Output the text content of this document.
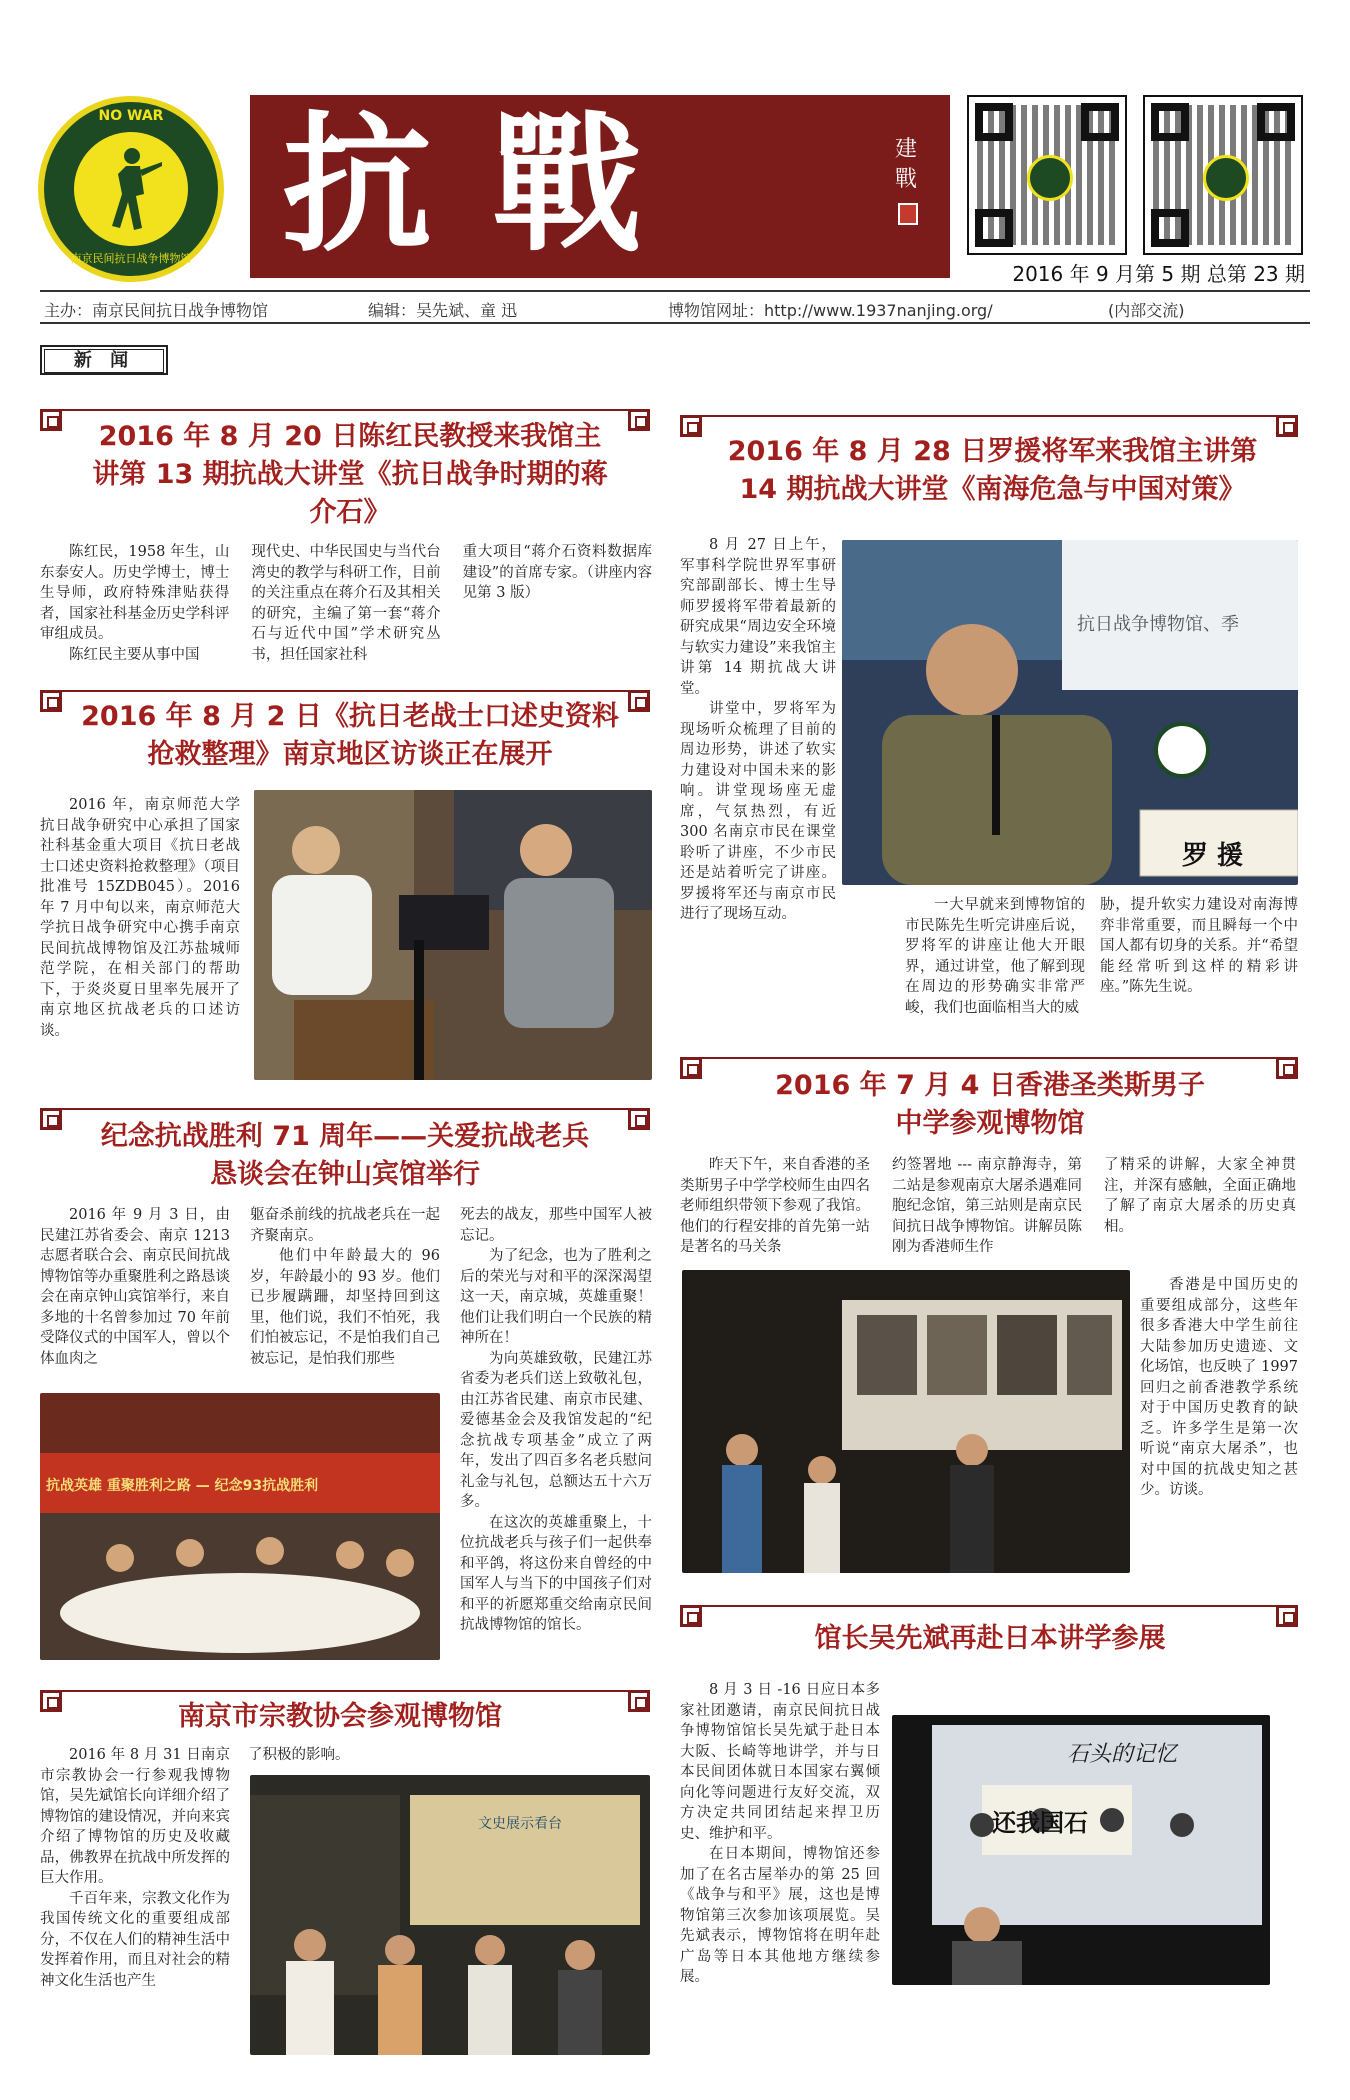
NO WAR
南京民间抗日战争博物馆 抗戰	建戰
2016 年 9 月第 5 期 总第 23 期
主办：南京民间抗日战争博物馆	编辑：吴先斌、童 迅	博物馆网址：http://www.1937nanjing.org/	(内部交流)
新 闻
2016 年 8 月 20 日陈红民教授来我馆主讲第 13 期抗战大讲堂《抗日战争时期的蒋介石》

陈红民，1958 年生，山东泰安人。历史学博士，博士生导师，政府特殊津贴获得者，国家社科基金历史学科评审组成员。

陈红民主要从事中国

现代史、中华民国史与当代台湾史的教学与科研工作，目前的关注重点在蒋介石及其相关的研究，主编了第一套“蒋介石与近代中国”学术研究丛书，担任国家社科
重大项目“蒋介石资料数据库建设”的首席专家。（讲座内容见第 3 版）
2016 年 8 月 2 日《抗日老战士口述史资料抢救整理》南京地区访谈正在展开

2016 年，南京师范大学抗日战争研究中心承担了国家社科基金重大项目《抗日老战士口述史资料抢救整理》（项目批准号 15ZDB045）。2016 年 7 月中旬以来，南京师范大学抗日战争研究中心携手南京民间抗战博物馆及江苏盐城师范学院，在相关部门的帮助下，于炎炎夏日里率先展开了南京地区抗战老兵的口述访谈。

2016 年 8 月 28 日罗援将军来我馆主讲第 14 期抗战大讲堂《南海危急与中国对策》

8 月 27 日上午，军事科学院世界军事研究部副部长、博士生导师罗援将军带着最新的研究成果“周边安全环境与软实力建设”来我馆主讲第 14 期抗战大讲堂。

讲堂中，罗将军为现场听众梳理了目前的周边形势，讲述了软实力建设对中国未来的影响。讲堂现场座无虚席，气氛热烈，有近 300 名南京市民在课堂聆听了讲座，不少市民还是站着听完了讲座。罗援将军还与南京市民进行了现场互动。

抗日战争博物馆、季
罗 援

一大早就来到博物馆的市民陈先生听完讲座后说，罗将军的讲座让他大开眼界，通过讲堂，他了解到现在周边的形势确实非常严峻，我们也面临相当大的威

胁，提升软实力建设对南海博弈非常重要，而且瞬每一个中国人都有切身的关系。并“希望能经常听到这样的精彩讲座。”陈先生说。
纪念抗战胜利 71 周年——关爱抗战老兵恳谈会在钟山宾馆举行

2016 年 9 月 3 日，由民建江苏省委会、南京 1213 志愿者联合会、南京民间抗战博物馆等办重聚胜利之路恳谈会在南京钟山宾馆举行，来自多地的十名曾参加过 70 年前受降仪式的中国军人，曾以个体血肉之

躯奋杀前线的抗战老兵在一起齐聚南京。

他们中年龄最大的 96 岁，年龄最小的 93 岁。他们已步履蹒跚，却坚持回到这里，他们说，我们不怕死，我们怕被忘记，不是怕我们自己被忘记，是怕我们那些

死去的战友，那些中国军人被忘记。

为了纪念，也为了胜利之后的荣光与对和平的深深渴望这一天，南京城，英雄重聚！他们让我们明白一个民族的精神所在！

为向英雄致敬，民建江苏省委为老兵们送上致敬礼包，由江苏省民建、南京市民建、爱德基金会及我馆发起的“纪念抗战专项基金”成立了两年，发出了四百多名老兵慰问礼金与礼包，总额达五十六万多。

在这次的英雄重聚上，十位抗战老兵与孩子们一起供奉和平鸽，将这份来自曾经的中国军人与当下的中国孩子们对和平的祈愿郑重交给南京民间抗战博物馆的馆长。

抗战英雄 重聚胜利之路 — 纪念93抗战胜利
2016 年 7 月 4 日香港圣类斯男子中学参观博物馆

昨天下午，来自香港的圣类斯男子中学学校师生由四名老师组织带领下参观了我馆。他们的行程安排的首先第一站是著名的马关条

约签署地 --- 南京静海寺，第二站是参观南京大屠杀遇难同胞纪念馆，第三站则是南京民间抗日战争博物馆。讲解员陈刚为香港师生作
了精采的讲解，大家全神贯注，并深有感触，全面正确地了解了南京大屠杀的历史真相。

香港是中国历史的重要组成部分，这些年很多香港大中学生前往大陆参加历史遗迹、文化场馆，也反映了 1997 回归之前香港教学系统对于中国历史教育的缺乏。许多学生是第一次听说“南京大屠杀”，也对中国的抗战史知之甚少。访谈。

南京市宗教协会参观博物馆

2016 年 8 月 31 日南京市宗教协会一行参观我博物馆，吴先斌馆长向详细介绍了博物馆的建设情况，并向来宾介绍了博物馆的历史及收藏品，佛教界在抗战中所发挥的巨大作用。

千百年来，宗教文化作为我国传统文化的重要组成部分，不仅在人们的精神生活中发挥着作用，而且对社会的精神文化生活也产生

了积极的影响。
文史展示看台
馆长吴先斌再赴日本讲学参展

8 月 3 日 -16 日应日本多家社团邀请，南京民间抗日战争博物馆馆长吴先斌于赴日本大阪、长崎等地讲学，并与日本民间团体就日本国家右翼倾向化等问题进行友好交流，双方决定共同团结起来捍卫历史、维护和平。

在日本期间，博物馆还参加了在名古屋举办的第 25 回《战争与和平》展，这也是博物馆第三次参加该项展览。吴先斌表示，博物馆将在明年赴广岛等日本其他地方继续参展。

石头的记忆
还我国石
